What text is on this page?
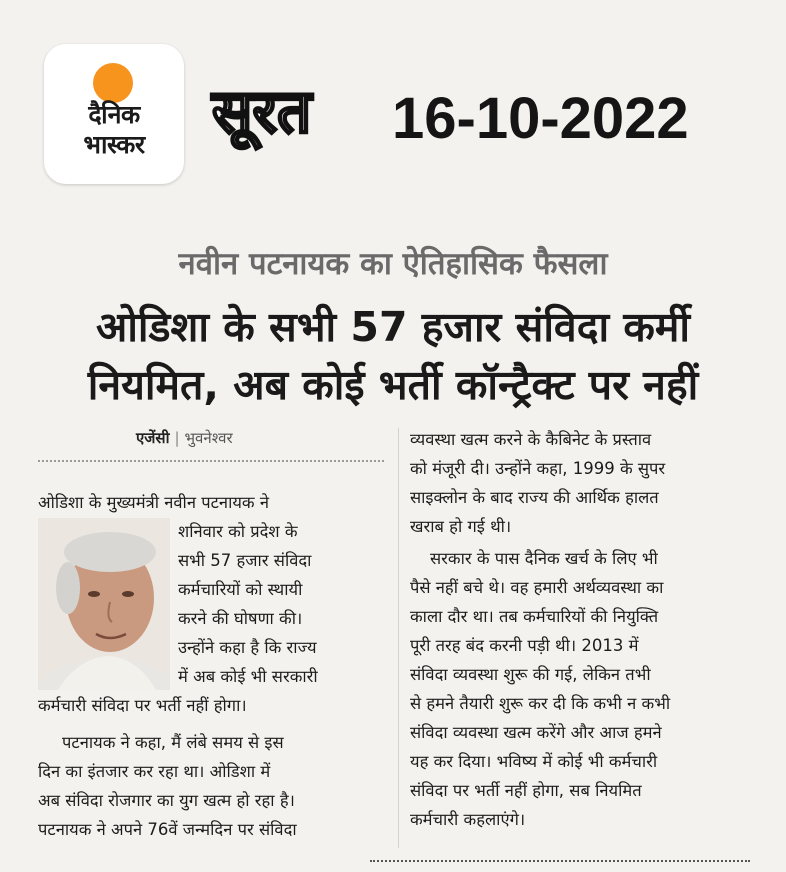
दैनिक
भास्कर	सूरत 16-10-2022
नवीन पटनायक का ऐतिहासिक फैसला
ओडिशा के सभी 57 हजार संविदा कर्मी
नियमित, अब कोई भर्ती कॉन्ट्रैक्ट पर नहीं
एजेंसी | भुवनेश्वर
ओडिशा के मुख्यमंत्री नवीन पटनायक ने
शनिवार को प्रदेश के
सभी 57 हजार संविदा
कर्मचारियों को स्थायी
करने की घोषणा की।
उन्होंने कहा है कि राज्य
में अब कोई भी सरकारी
कर्मचारी संविदा पर भर्ती नहीं होगा।
पटनायक ने कहा, मैं लंबे समय से इस
दिन का इंतजार कर रहा था। ओडिशा में
अब संविदा रोजगार का युग खत्म हो रहा है।
पटनायक ने अपने 76वें जन्मदिन पर संविदा
व्यवस्था खत्म करने के कैबिनेट के प्रस्ताव
को मंजूरी दी। उन्होंने कहा, 1999 के सुपर
साइक्लोन के बाद राज्य की आर्थिक हालत
खराब हो गई थी।
सरकार के पास दैनिक खर्च के लिए भी
पैसे नहीं बचे थे। वह हमारी अर्थव्यवस्था का
काला दौर था। तब कर्मचारियों की नियुक्ति
पूरी तरह बंद करनी पड़ी थी। 2013 में
संविदा व्यवस्था शुरू की गई, लेकिन तभी
से हमने तैयारी शुरू कर दी कि कभी न कभी
संविदा व्यवस्था खत्म करेंगे और आज हमने
यह कर दिया। भविष्य में कोई भी कर्मचारी
संविदा पर भर्ती नहीं होगा, सब नियमित
कर्मचारी कहलाएंगे।
